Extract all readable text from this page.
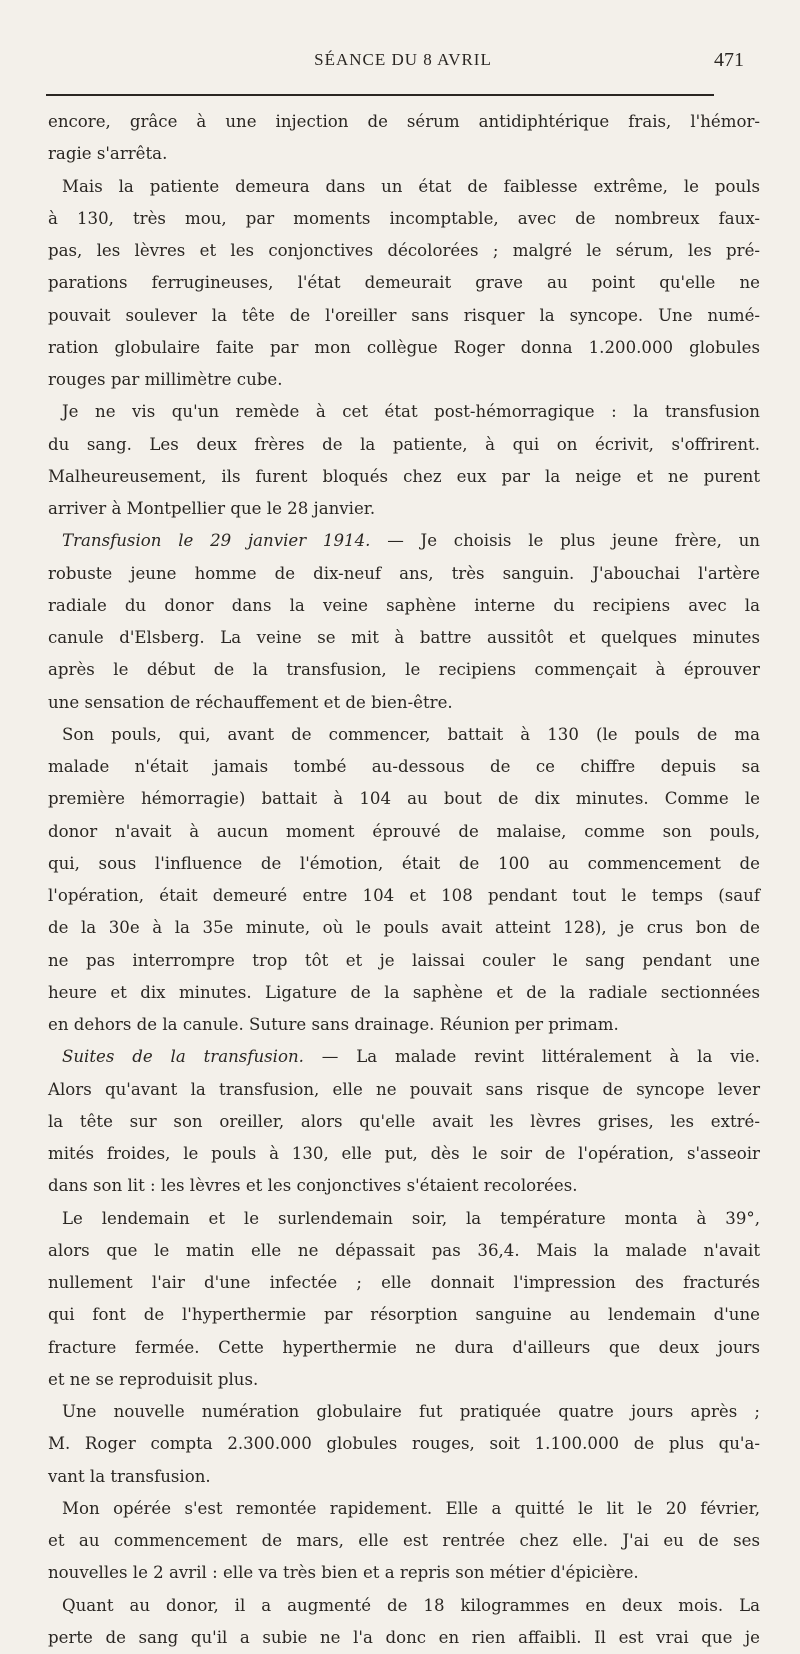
SÉANCE DU 8 AVRIL	471
encore, grâce à une injection de sérum antidiphtérique frais, l'hémor-
ragie s'arrêta.
Mais la patiente demeura dans un état de faiblesse extrême, le pouls
à 130, très mou, par moments incomptable, avec de nombreux faux-
pas, les lèvres et les conjonctives décolorées ; malgré le sérum, les pré-
parations ferrugineuses, l'état demeurait grave au point qu'elle ne
pouvait soulever la tête de l'oreiller sans risquer la syncope. Une numé-
ration globulaire faite par mon collègue Roger donna 1.200.000 globules
rouges par millimètre cube.
Je ne vis qu'un remède à cet état post-hémorragique : la transfusion
du sang. Les deux frères de la patiente, à qui on écrivit, s'offrirent.
Malheureusement, ils furent bloqués chez eux par la neige et ne purent
arriver à Montpellier que le 28 janvier.
Transfusion le 29 janvier 1914. — Je choisis le plus jeune frère, un
robuste jeune homme de dix-neuf ans, très sanguin. J'abouchai l'artère
radiale du donor dans la veine saphène interne du recipiens avec la
canule d'Elsberg. La veine se mit à battre aussitôt et quelques minutes
après le début de la transfusion, le recipiens commençait à éprouver
une sensation de réchauffement et de bien-être.
Son pouls, qui, avant de commencer, battait à 130 (le pouls de ma
malade n'était jamais tombé au-dessous de ce chiffre depuis sa
première hémorragie) battait à 104 au bout de dix minutes. Comme le
donor n'avait à aucun moment éprouvé de malaise, comme son pouls,
qui, sous l'influence de l'émotion, était de 100 au commencement de
l'opération, était demeuré entre 104 et 108 pendant tout le temps (sauf
de la 30e à la 35e minute, où le pouls avait atteint 128), je crus bon de
ne pas interrompre trop tôt et je laissai couler le sang pendant une
heure et dix minutes. Ligature de la saphène et de la radiale sectionnées
en dehors de la canule. Suture sans drainage. Réunion per primam.
Suites de la transfusion. — La malade revint littéralement à la vie.
Alors qu'avant la transfusion, elle ne pouvait sans risque de syncope lever
la tête sur son oreiller, alors qu'elle avait les lèvres grises, les extré-
mités froides, le pouls à 130, elle put, dès le soir de l'opération, s'asseoir
dans son lit : les lèvres et les conjonctives s'étaient recolorées.
Le lendemain et le surlendemain soir, la température monta à 39°,
alors que le matin elle ne dépassait pas 36,4. Mais la malade n'avait
nullement l'air d'une infectée ; elle donnait l'impression des fracturés
qui font de l'hyperthermie par résorption sanguine au lendemain d'une
fracture fermée. Cette hyperthermie ne dura d'ailleurs que deux jours
et ne se reproduisit plus.
Une nouvelle numération globulaire fut pratiquée quatre jours après ;
M. Roger compta 2.300.000 globules rouges, soit 1.100.000 de plus qu'a-
vant la transfusion.
Mon opérée s'est remontée rapidement. Elle a quitté le lit le 20 février,
et au commencement de mars, elle est rentrée chez elle. J'ai eu de ses
nouvelles le 2 avril : elle va très bien et a repris son métier d'épicière.
Quant au donor, il a augmenté de 18 kilogrammes en deux mois. La
perte de sang qu'il a subie ne l'a donc en rien affaibli. Il est vrai que je
